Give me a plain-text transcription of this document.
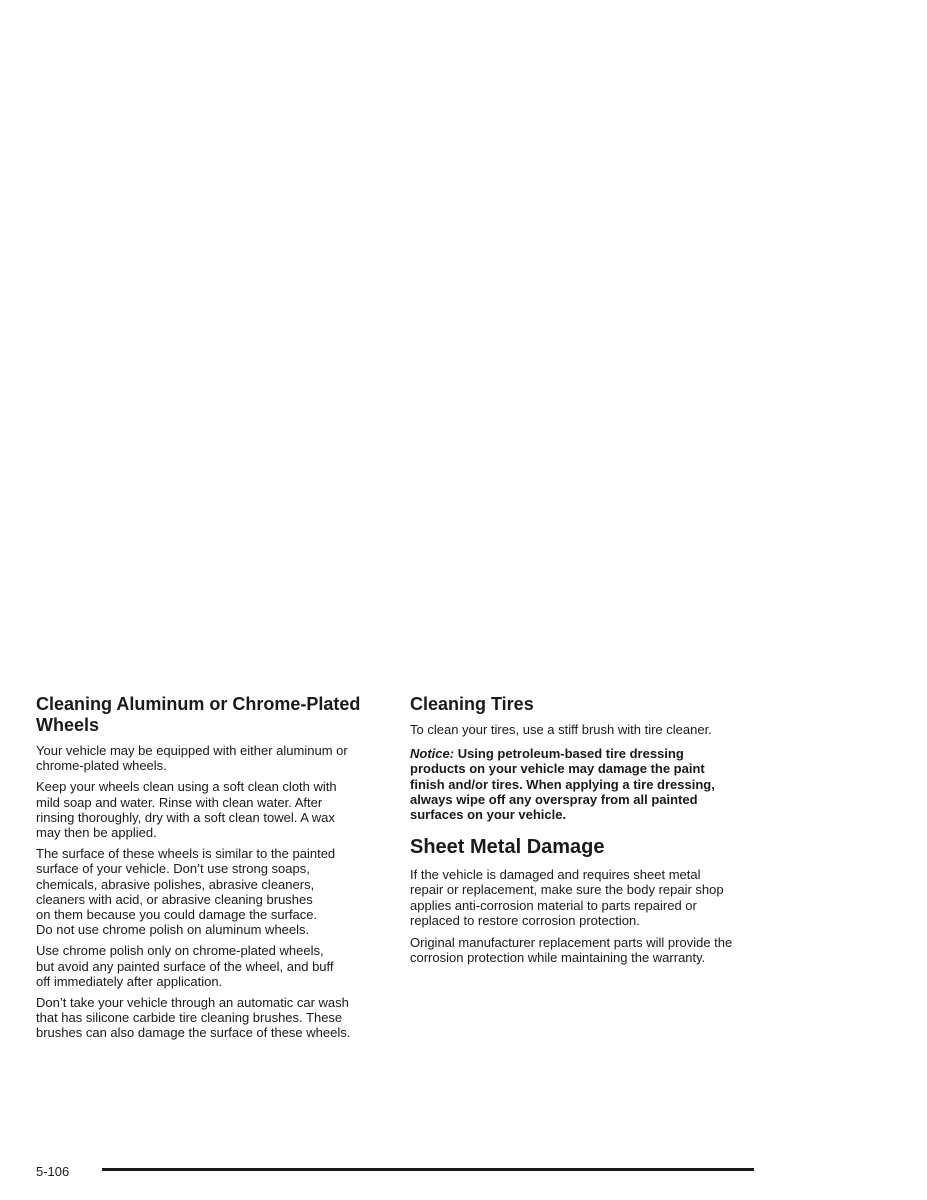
Cleaning Aluminum or Chrome-Plated
Wheels

Your vehicle may be equipped with either aluminum or
chrome-plated wheels.

Keep your wheels clean using a soft clean cloth with
mild soap and water. Rinse with clean water. After
rinsing thoroughly, dry with a soft clean towel. A wax
may then be applied.

The surface of these wheels is similar to the painted
surface of your vehicle. Don’t use strong soaps,
chemicals, abrasive polishes, abrasive cleaners,
cleaners with acid, or abrasive cleaning brushes
on them because you could damage the surface.
Do not use chrome polish on aluminum wheels.

Use chrome polish only on chrome-plated wheels,
but avoid any painted surface of the wheel, and buff
off immediately after application.

Don’t take your vehicle through an automatic car wash
that has silicone carbide tire cleaning brushes. These
brushes can also damage the surface of these wheels.

Cleaning Tires

To clean your tires, use a stiff brush with tire cleaner.

Notice: Using petroleum-based tire dressing
products on your vehicle may damage the paint
finish and/or tires. When applying a tire dressing,
always wipe off any overspray from all painted
surfaces on your vehicle.

Sheet Metal Damage

If the vehicle is damaged and requires sheet metal
repair or replacement, make sure the body repair shop
applies anti-corrosion material to parts repaired or
replaced to restore corrosion protection.

Original manufacturer replacement parts will provide the
corrosion protection while maintaining the warranty.

5-106
